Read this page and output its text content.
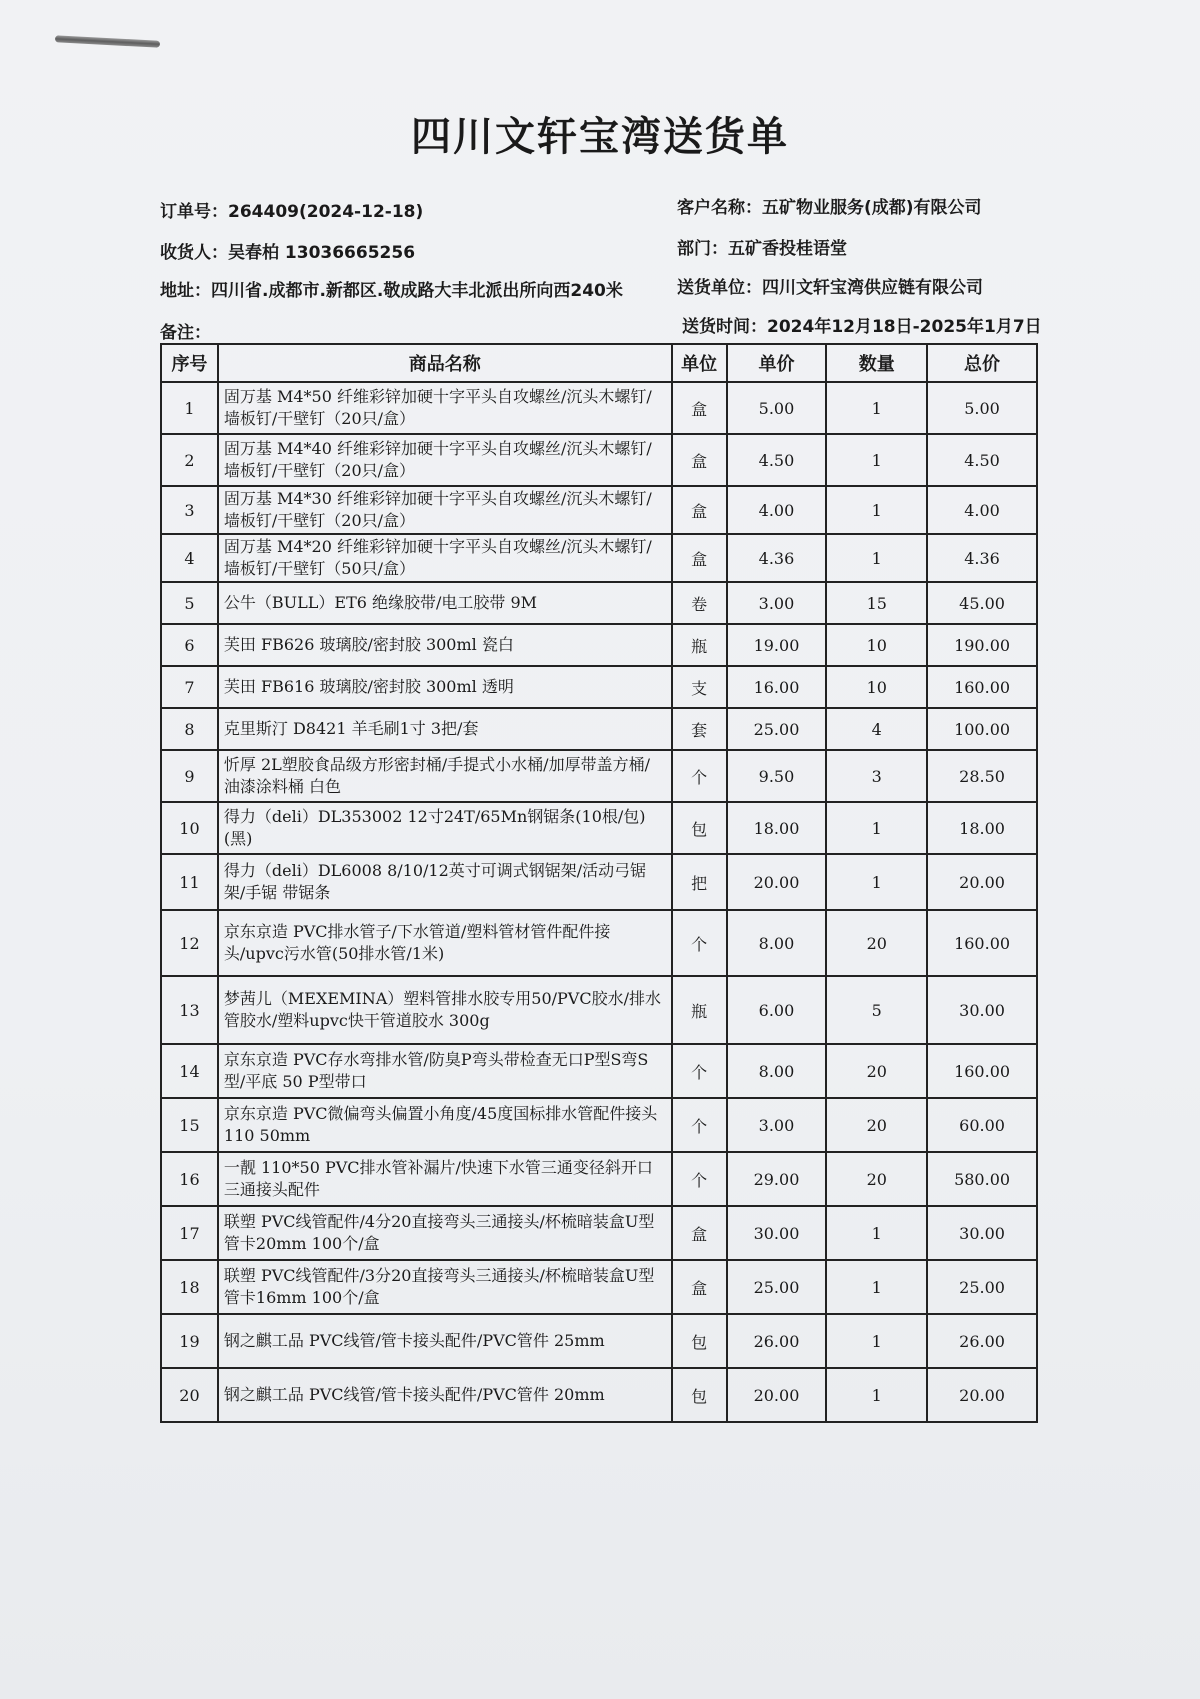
四川文轩宝湾送货单
订单号：264409(2024-12-18)
收货人：吴春柏 13036665256
地址：四川省.成都市.新都区.敬成路大丰北派出所向西240米
备注：
客户名称：五矿物业服务(成都)有限公司
部门：五矿香投桂语堂
送货单位：四川文轩宝湾供应链有限公司
送货时间：2024年12月18日-2025年1月7日
序号	商品名称	单位	单价	数量	总价
1	固万基 M4*50 纤维彩锌加硬十字平头自攻螺丝/沉头木螺钉/墙板钉/干壁钉（20只/盒）	盒	5.00	1	5.00
2	固万基 M4*40 纤维彩锌加硬十字平头自攻螺丝/沉头木螺钉/墙板钉/干壁钉（20只/盒）	盒	4.50	1	4.50
3	固万基 M4*30 纤维彩锌加硬十字平头自攻螺丝/沉头木螺钉/墙板钉/干壁钉（20只/盒）	盒	4.00	1	4.00
4	固万基 M4*20 纤维彩锌加硬十字平头自攻螺丝/沉头木螺钉/墙板钉/干壁钉（50只/盒）	盒	4.36	1	4.36
5	公牛（BULL）ET6 绝缘胶带/电工胶带 9M	卷	3.00	15	45.00
6	芙田 FB626 玻璃胶/密封胶 300ml 瓷白	瓶	19.00	10	190.00
7	芙田 FB616 玻璃胶/密封胶 300ml 透明	支	16.00	10	160.00
8	克里斯汀 D8421 羊毛刷1寸 3把/套	套	25.00	4	100.00
9	忻厚 2L塑胶食品级方形密封桶/手提式小水桶/加厚带盖方桶/油漆涂料桶 白色	个	9.50	3	28.50
10	得力（deli）DL353002 12寸24T/65Mn钢锯条(10根/包)(黑)	包	18.00	1	18.00
11	得力（deli）DL6008 8/10/12英寸可调式钢锯架/活动弓锯架/手锯 带锯条	把	20.00	1	20.00
12	京东京造 PVC排水管子/下水管道/塑料管材管件配件接头/upvc污水管(50排水管/1米)	个	8.00	20	160.00
13	梦茜儿（MEXEMINA）塑料管排水胶专用50/PVC胶水/排水管胶水/塑料upvc快干管道胶水 300g	瓶	6.00	5	30.00
14	京东京造 PVC存水弯排水管/防臭P弯头带检查无口P型S弯S型/平底 50 P型带口	个	8.00	20	160.00
15	京东京造 PVC微偏弯头偏置小角度/45度国标排水管配件接头110 50mm	个	3.00	20	60.00
16	一靓 110*50 PVC排水管补漏片/快速下水管三通变径斜开口三通接头配件	个	29.00	20	580.00
17	联塑 PVC线管配件/4分20直接弯头三通接头/杯梳暗装盒U型管卡20mm 100个/盒	盒	30.00	1	30.00
18	联塑 PVC线管配件/3分20直接弯头三通接头/杯梳暗装盒U型管卡16mm 100个/盒	盒	25.00	1	25.00
19	钢之麒工品 PVC线管/管卡接头配件/PVC管件 25mm	包	26.00	1	26.00
20	钢之麒工品 PVC线管/管卡接头配件/PVC管件 20mm	包	20.00	1	20.00
